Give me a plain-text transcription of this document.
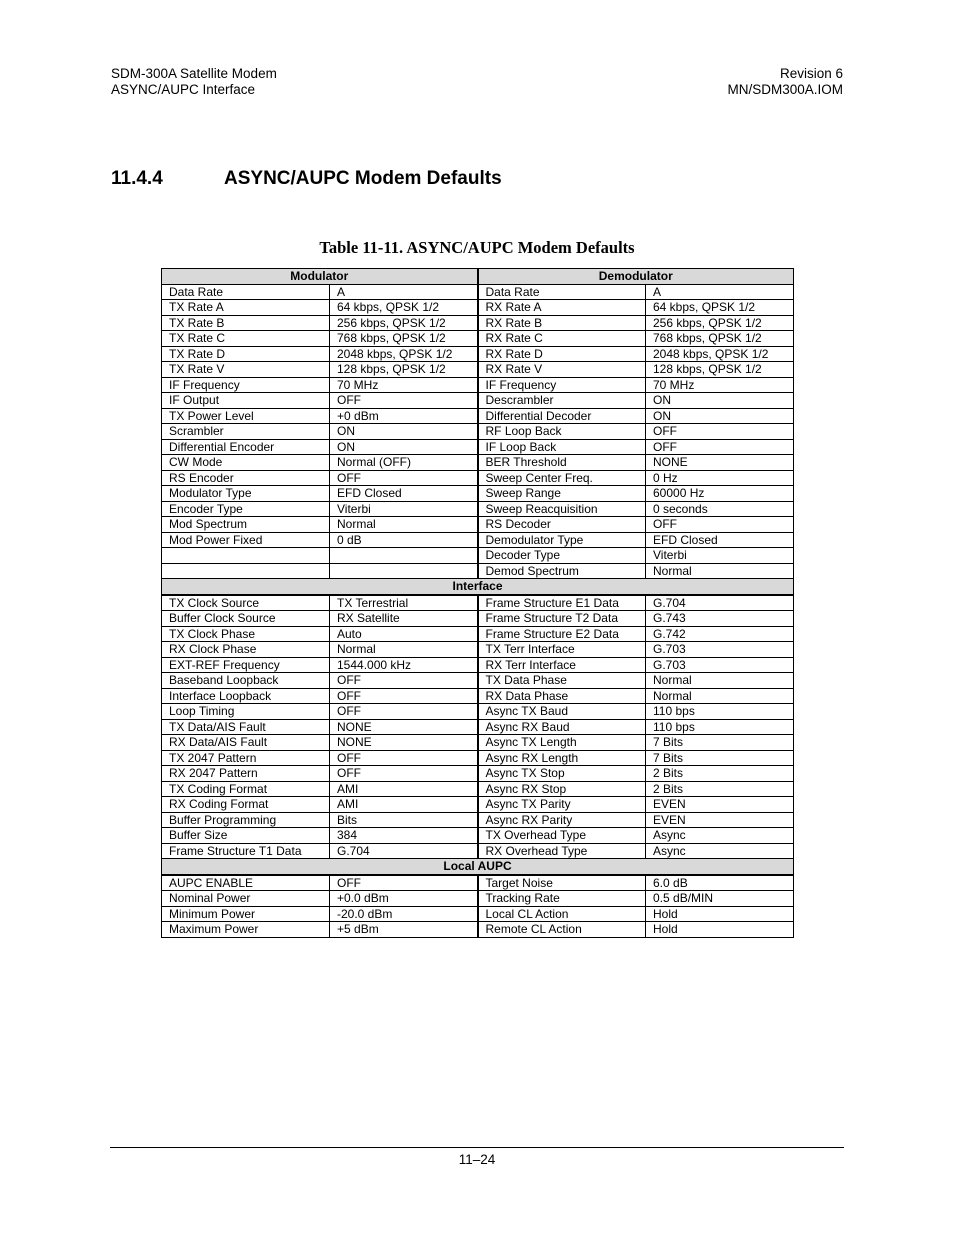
SDM-300A Satellite Modem
ASYNC/AUPC Interface
Revision 6
MN/SDM300A.IOM
11.4.4	ASYNC/AUPC Modem Defaults
Table 11-11. ASYNC/AUPC Modem Defaults
Modulator		Demodulator	
Data Rate	A	Data Rate	A
TX Rate A	64 kbps, QPSK 1/2	RX Rate A	64 kbps, QPSK 1/2
TX Rate B	256 kbps, QPSK 1/2	RX Rate B	256 kbps, QPSK 1/2
TX Rate C	768 kbps, QPSK 1/2	RX Rate C	768 kbps, QPSK 1/2
TX Rate D	2048 kbps, QPSK 1/2	RX Rate D	2048 kbps, QPSK 1/2
TX Rate V	128 kbps, QPSK 1/2	RX Rate V	128 kbps, QPSK 1/2
IF Frequency	70 MHz	IF Frequency	70 MHz
IF Output	OFF	Descrambler	ON
TX Power Level	+0 dBm	Differential Decoder	ON
Scrambler	ON	RF Loop Back	OFF
Differential Encoder	ON	IF Loop Back	OFF
CW Mode	Normal (OFF)	BER Threshold	NONE
RS Encoder	OFF	Sweep Center Freq.	0 Hz
Modulator Type	EFD Closed	Sweep Range	60000 Hz
Encoder Type	Viterbi	Sweep Reacquisition	0 seconds
Mod Spectrum	Normal	RS Decoder	OFF
Mod Power Fixed	0 dB	Demodulator Type	EFD Closed
		Decoder Type	Viterbi
		Demod Spectrum	Normal
Interface			
TX Clock Source	TX Terrestrial	Frame Structure E1 Data	G.704
Buffer Clock Source	RX Satellite	Frame Structure T2 Data	G.743
TX Clock Phase	Auto	Frame Structure E2 Data	G.742
RX Clock Phase	Normal	TX Terr Interface	G.703
EXT-REF Frequency	1544.000 kHz	RX Terr Interface	G.703
Baseband Loopback	OFF	TX Data Phase	Normal
Interface Loopback	OFF	RX Data Phase	Normal
Loop Timing	OFF	Async TX Baud	110 bps
TX Data/AIS Fault	NONE	Async RX Baud	110 bps
RX Data/AIS Fault	NONE	Async TX Length	7 Bits
TX 2047 Pattern	OFF	Async RX Length	7 Bits
RX 2047 Pattern	OFF	Async TX Stop	2 Bits
TX Coding Format	AMI	Async RX Stop	2 Bits
RX Coding Format	AMI	Async TX Parity	EVEN
Buffer Programming	Bits	Async RX Parity	EVEN
Buffer Size	384	TX Overhead Type	Async
Frame Structure T1 Data	G.704	RX Overhead Type	Async
Local AUPC			
AUPC ENABLE	OFF	Target Noise	6.0 dB
Nominal Power	+0.0 dBm	Tracking Rate	0.5 dB/MIN
Minimum Power	-20.0 dBm	Local CL Action	Hold
Maximum Power	+5 dBm	Remote CL Action	Hold
11–24
